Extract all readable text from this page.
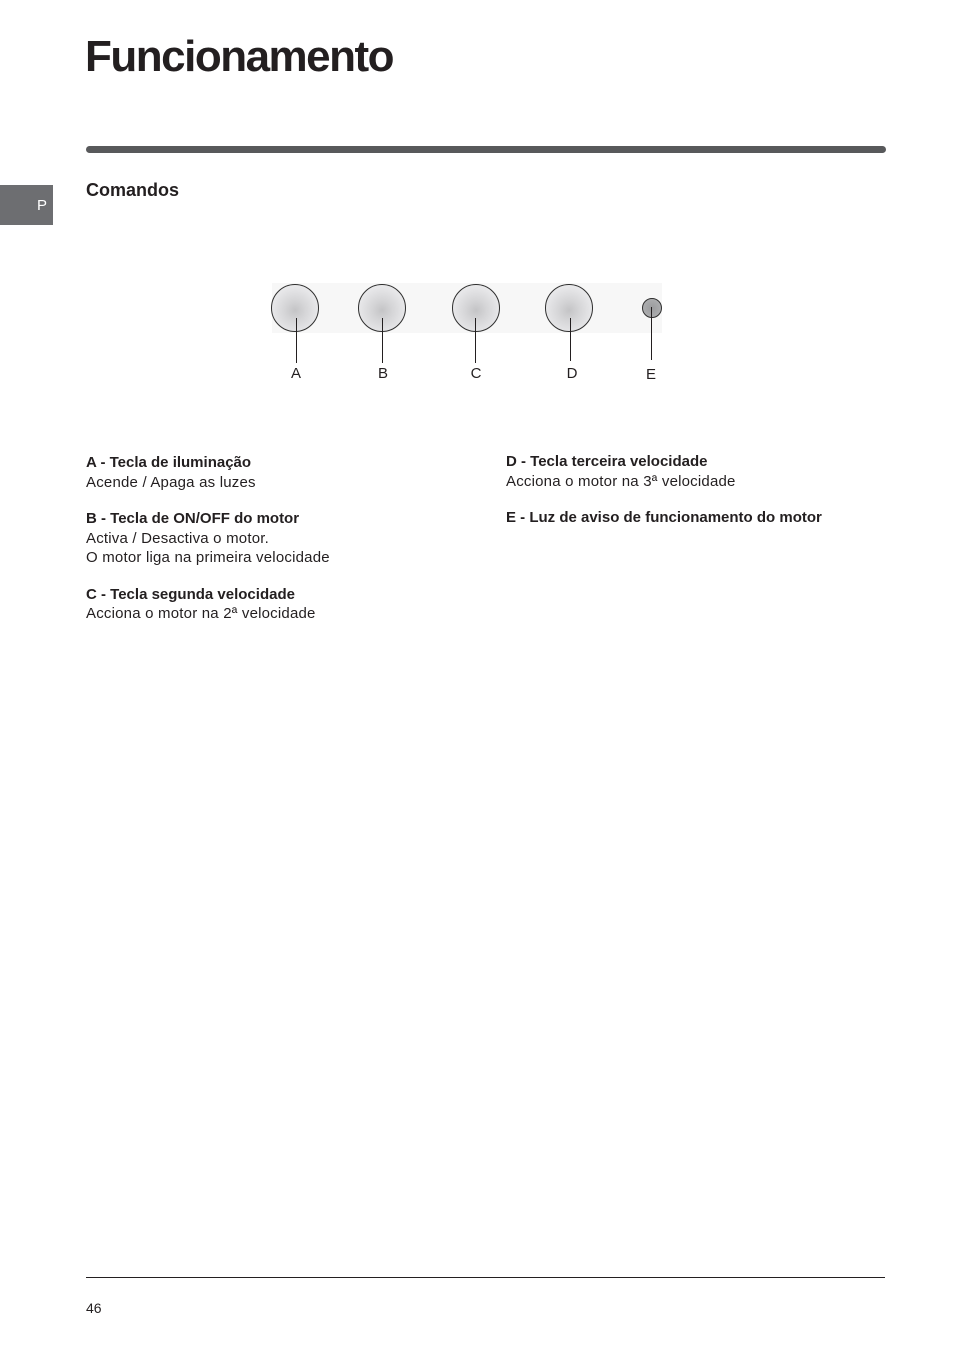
Funcionamento
P
Comandos
A	B	C	D	E
A - Tecla de iluminação
Acende / Apaga as luzes
B - Tecla de ON/OFF do motor
Activa / Desactiva o motor.
O motor liga na primeira velocidade
C - Tecla segunda velocidade
Acciona o motor na 2ª velocidade
D - Tecla terceira velocidade
Acciona o motor na 3ª velocidade
E - Luz de aviso de funcionamento do motor
46
